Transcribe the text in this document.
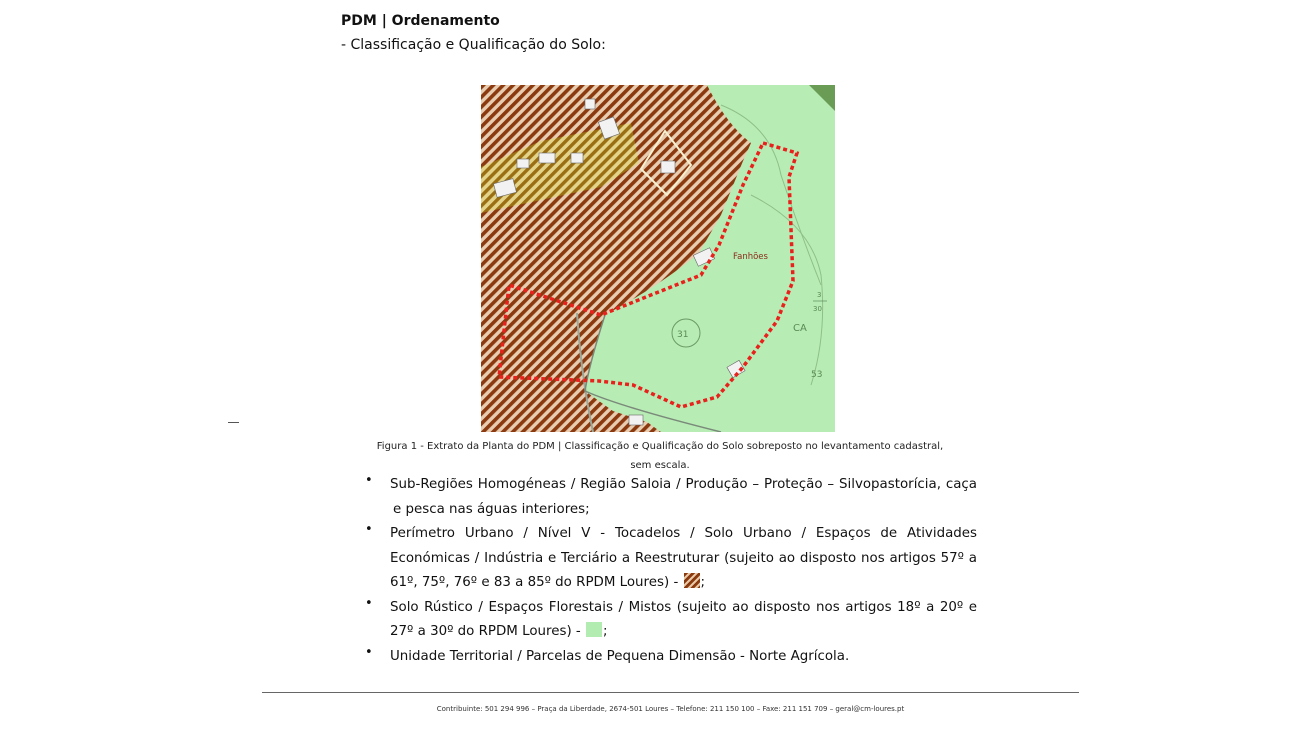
PDM | Ordenamento
- Classificação e Qualificação do Solo:
Fanhões
31
CA
53
3
30
Figura 1 - Extrato da Planta do PDM | Classificação e Qualificação do Solo sobreposto no levantamento cadastral,
sem escala.
• Sub-Regiões Homogéneas / Região Saloia / Produção – Proteção – Silvopastorícia, caça
e pesca nas águas interiores;
• Perímetro Urbano / Nível V - Tocadelos / Solo Urbano / Espaços de Atividades
Económicas / Indústria e Terciário a Reestruturar (sujeito ao disposto nos artigos 57º a
61º, 75º, 76º e 83 a 85º do RPDM Loures) - ;
• Solo Rústico / Espaços Florestais / Mistos (sujeito ao disposto nos artigos 18º a 20º e
27º a 30º do RPDM Loures) - ;
• Unidade Territorial / Parcelas de Pequena Dimensão - Norte Agrícola.
Contribuinte: 501 294 996 – Praça da Liberdade, 2674-501 Loures – Telefone: 211 150 100 – Faxe: 211 151 709 – geral@cm-loures.pt
